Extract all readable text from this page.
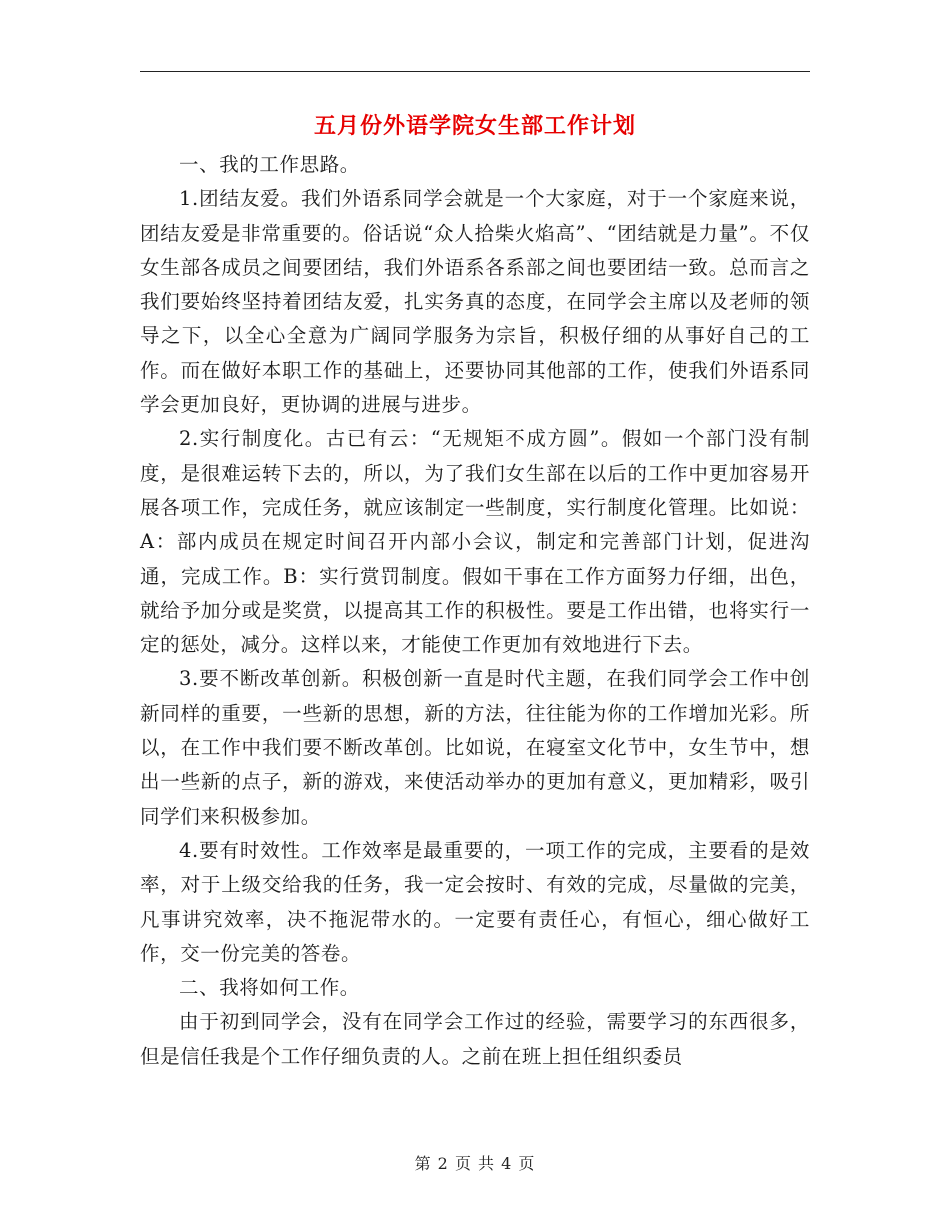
五月份外语学院女生部工作计划

一、我的工作思路。

1.团结友爱。我们外语系同学会就是一个大家庭，对于一个家庭来说，团结友爱是非常重要的。俗话说“众人拾柴火焰高”、“团结就是力量”。不仅女生部各成员之间要团结，我们外语系各系部之间也要团结一致。总而言之我们要始终坚持着团结友爱，扎实务真的态度，在同学会主席以及老师的领导之下，以全心全意为广阔同学服务为宗旨，积极仔细的从事好自己的工作。而在做好本职工作的基础上，还要协同其他部的工作，使我们外语系同学会更加良好，更协调的进展与进步。

2.实行制度化。古已有云：“无规矩不成方圆”。假如一个部门没有制度，是很难运转下去的，所以，为了我们女生部在以后的工作中更加容易开展各项工作，完成任务，就应该制定一些制度，实行制度化管理。比如说：A：部内成员在规定时间召开内部小会议，制定和完善部门计划，促进沟通，完成工作。B：实行赏罚制度。假如干事在工作方面努力仔细，出色，就给予加分或是奖赏，以提高其工作的积极性。要是工作出错，也将实行一定的惩处，减分。这样以来，才能使工作更加有效地进行下去。

3.要不断改革创新。积极创新一直是时代主题，在我们同学会工作中创新同样的重要，一些新的思想，新的方法，往往能为你的工作增加光彩。所以，在工作中我们要不断改革创。比如说，在寝室文化节中，女生节中，想出一些新的点子，新的游戏，来使活动举办的更加有意义，更加精彩，吸引同学们来积极参加。

4.要有时效性。工作效率是最重要的，一项工作的完成，主要看的是效率，对于上级交给我的任务，我一定会按时、有效的完成，尽量做的完美，凡事讲究效率，决不拖泥带水的。一定要有责任心，有恒心，细心做好工作，交一份完美的答卷。

二、我将如何工作。

由于初到同学会，没有在同学会工作过的经验，需要学习的东西很多，但是信任我是个工作仔细负责的人。之前在班上担任组织委员

第 2 页 共 4 页
